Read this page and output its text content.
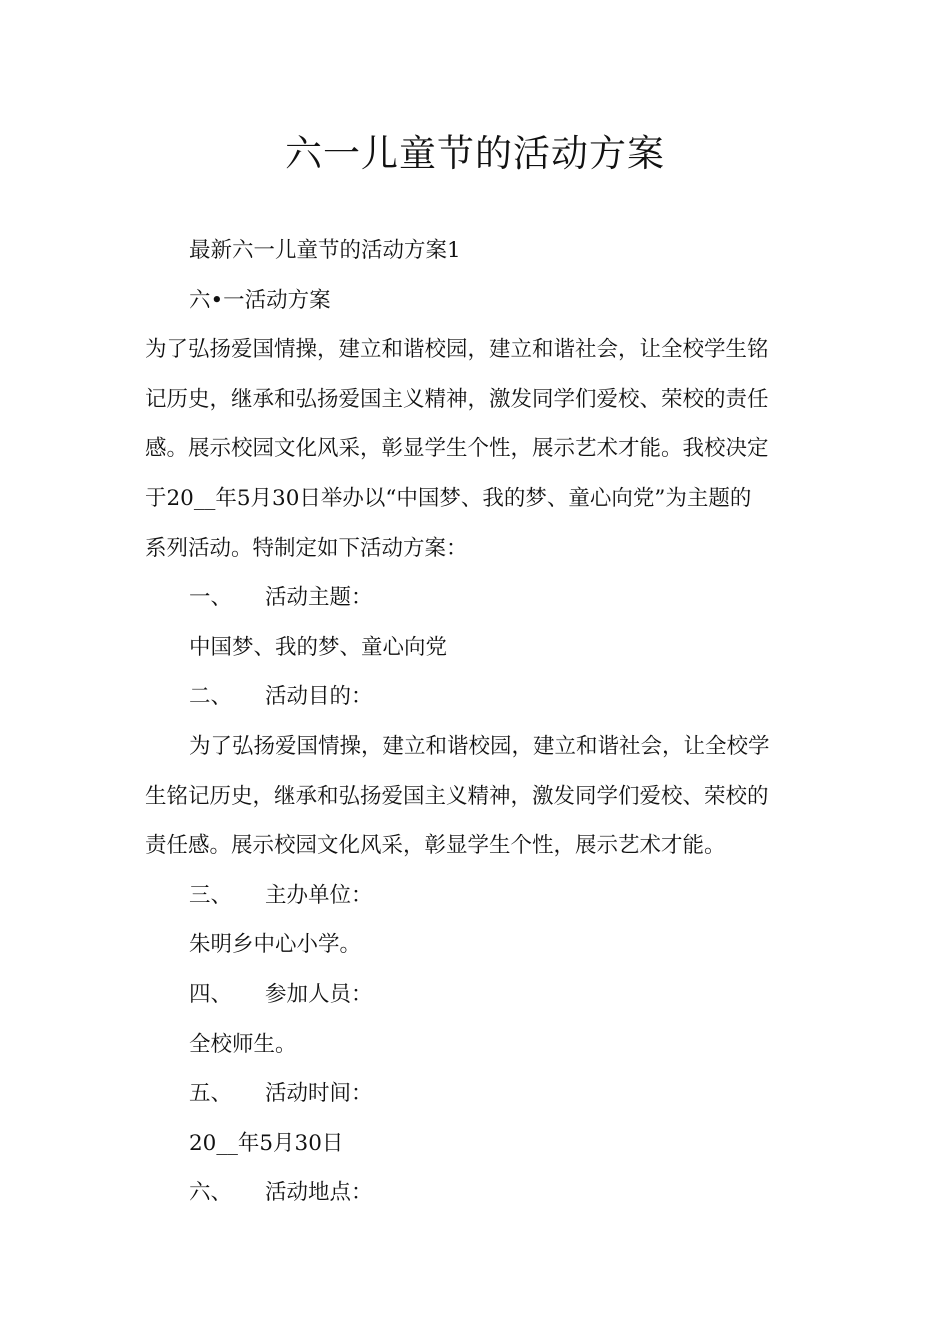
六一儿童节的活动方案

最新六一儿童节的活动方案1

六•一活动方案

为了弘扬爱国情操，建立和谐校园，建立和谐社会，让全校学生铭

记历史，继承和弘扬爱国主义精神，激发同学们爱校、荣校的责任

感。展示校园文化风采，彰显学生个性，展示艺术才能。我校决定

于20__年5月30日举办以“中国梦、我的梦、童心向党”为主题的

系列活动。特制定如下活动方案：

一、 活动主题：

中国梦、我的梦、童心向党

二、 活动目的：

为了弘扬爱国情操，建立和谐校园，建立和谐社会，让全校学

生铭记历史，继承和弘扬爱国主义精神，激发同学们爱校、荣校的

责任感。展示校园文化风采，彰显学生个性，展示艺术才能。

三、 主办单位：

朱明乡中心小学。

四、 参加人员：

全校师生。

五、 活动时间：

20__年5月30日

六、 活动地点：
